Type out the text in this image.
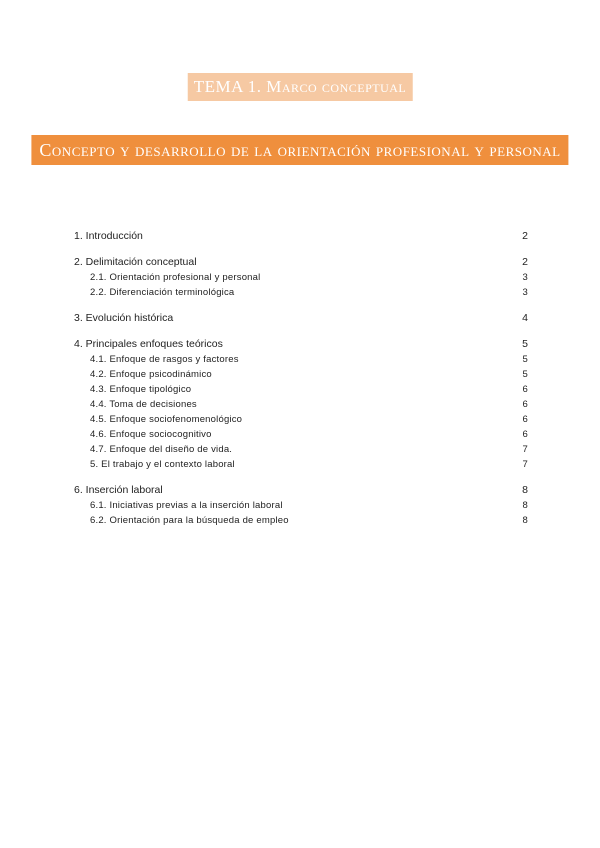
TEMA 1. Marco conceptual
Concepto y desarrollo de la orientación profesional y personal
1. Introducción	2
2. Delimitación conceptual	2
2.1. Orientación profesional y personal	3
2.2. Diferenciación terminológica	3
3. Evolución histórica	4
4. Principales enfoques teóricos	5
4.1. Enfoque de rasgos y factores	5
4.2. Enfoque psicodinámico	5
4.3. Enfoque tipológico	6
4.4. Toma de decisiones	6
4.5. Enfoque sociofenomenológico	6
4.6. Enfoque sociocognitivo	6
4.7. Enfoque del diseño de vida.	7
5. El trabajo y el contexto laboral	7
6. Inserción laboral	8
6.1. Iniciativas previas a la inserción laboral	8
6.2. Orientación para la búsqueda de empleo	8
